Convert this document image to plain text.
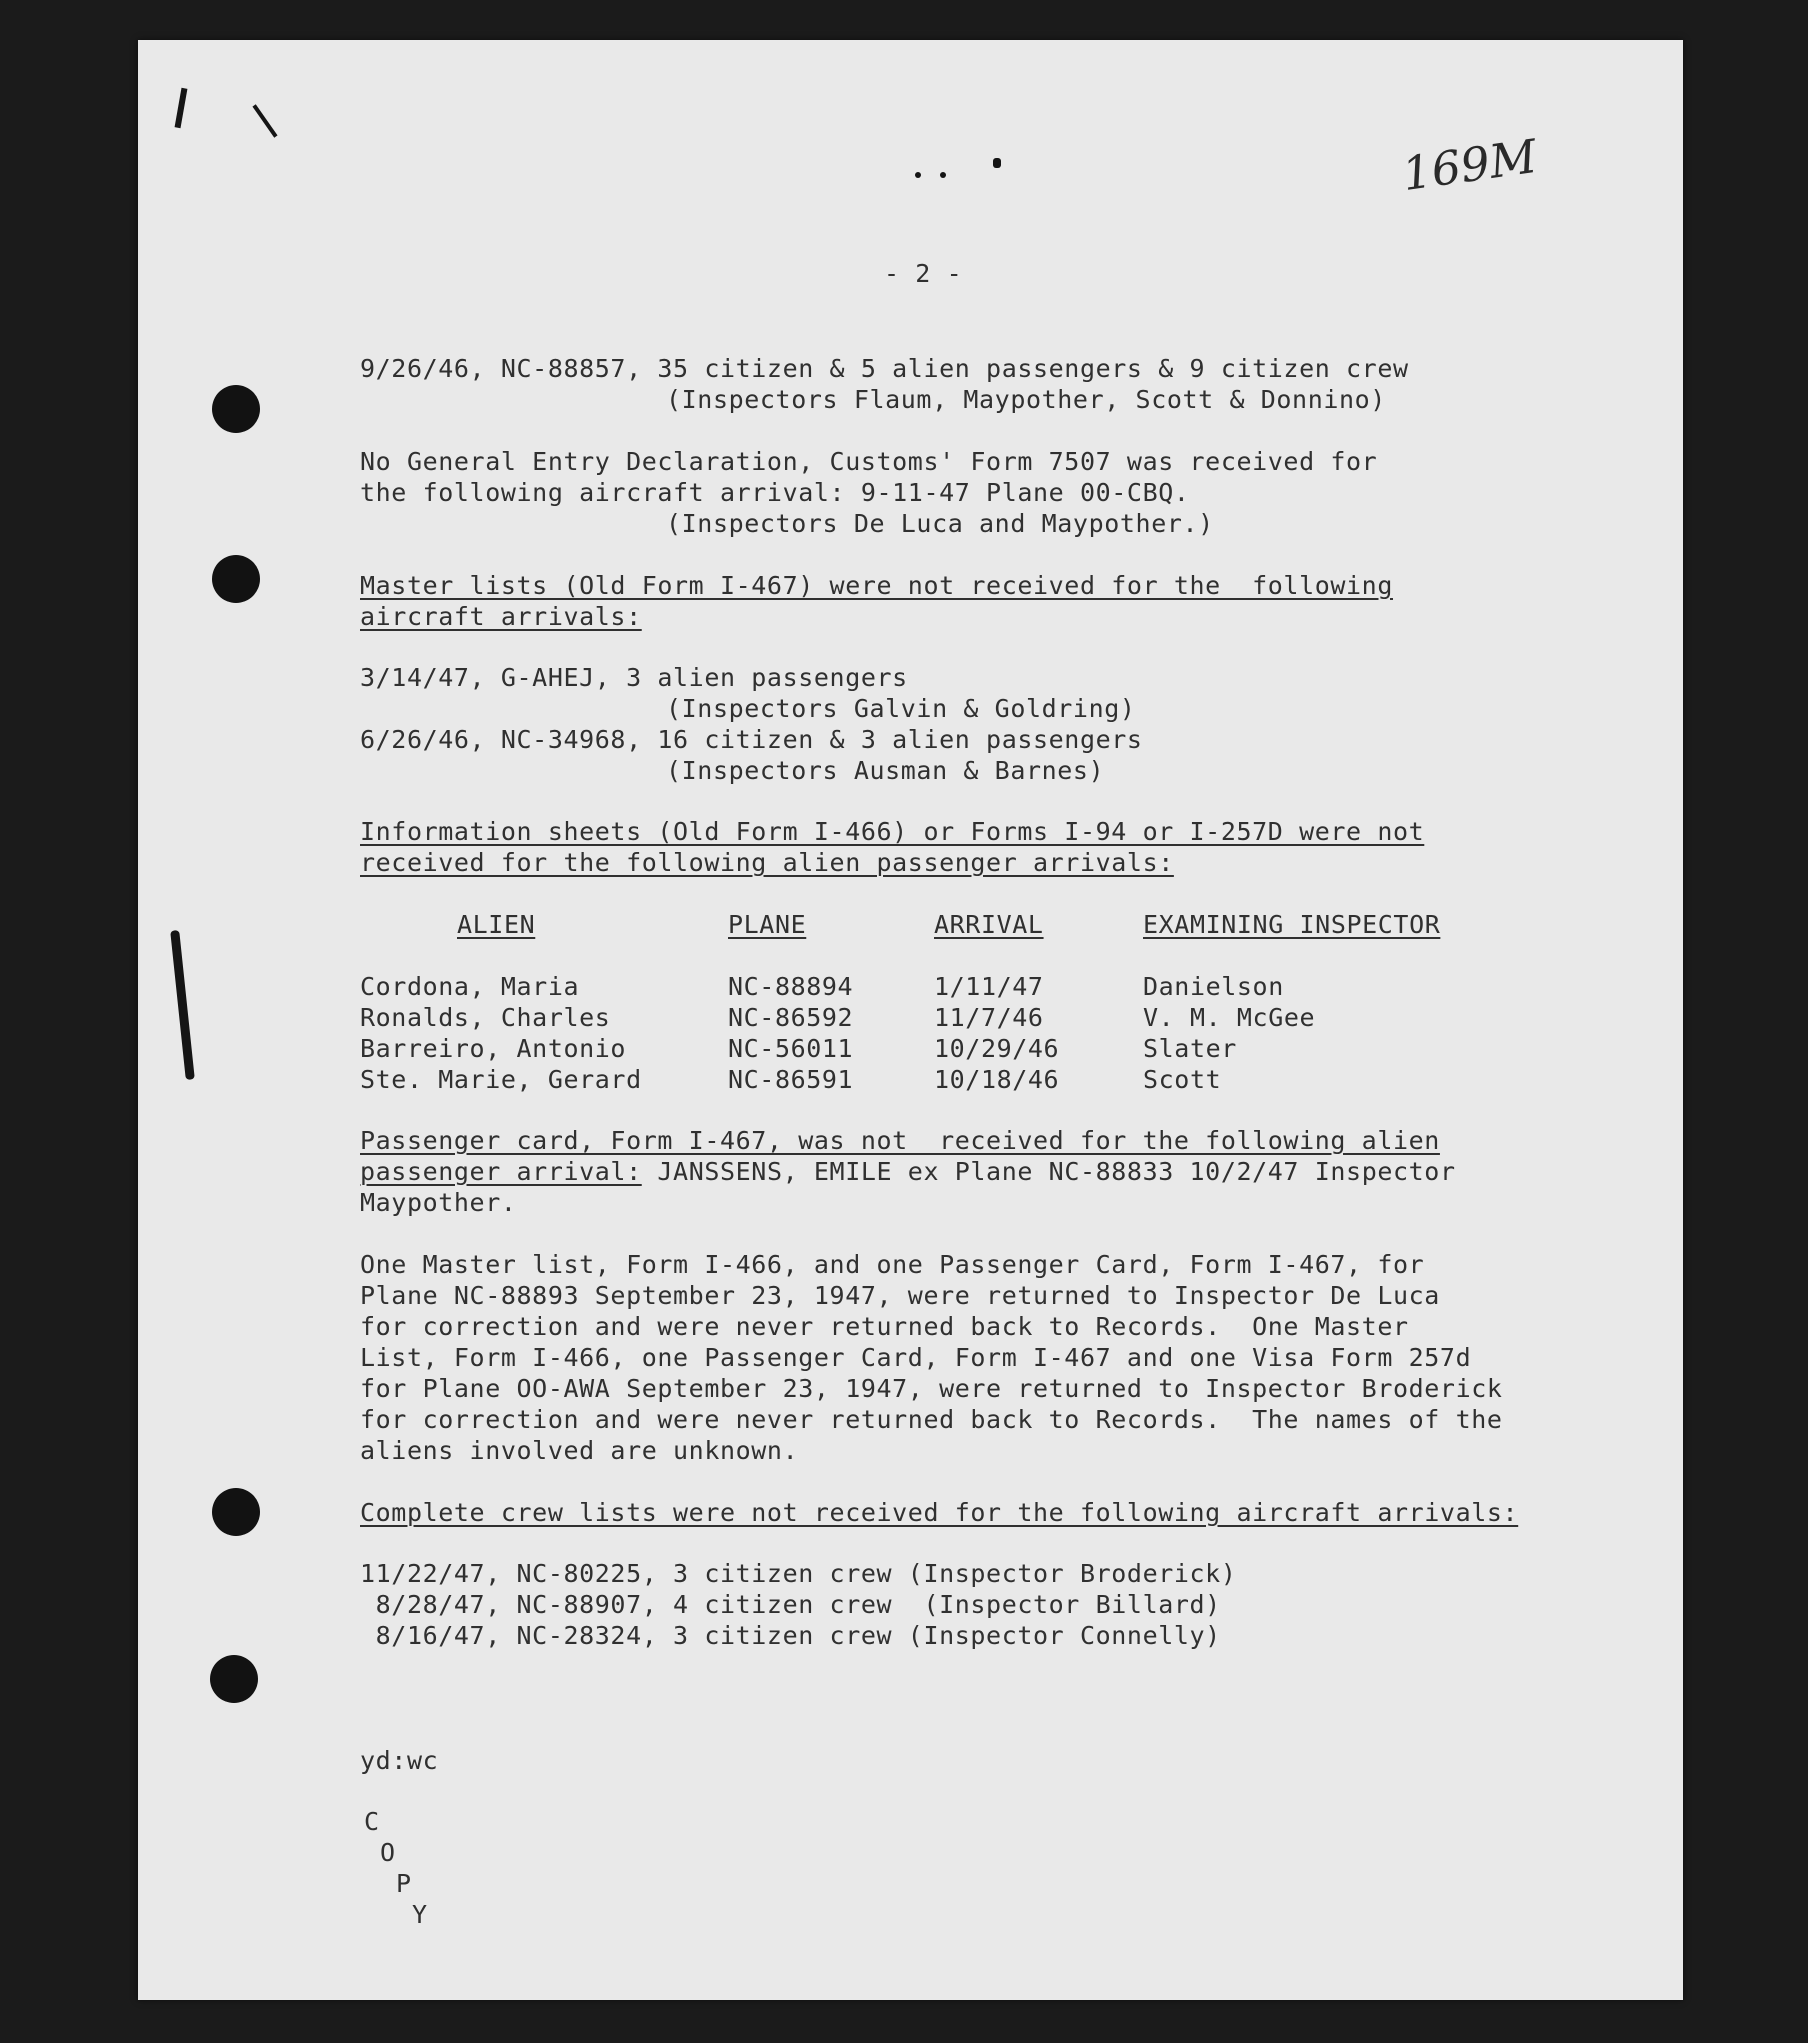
169M
- 2 -
9/26/46, NC-88857, 35 citizen & 5 alien passengers & 9 citizen crew
(Inspectors Flaum, Maypother, Scott & Donnino)
No General Entry Declaration, Customs' Form 7507 was received for
the following aircraft arrival: 9-11-47 Plane 00-CBQ.
(Inspectors De Luca and Maypother.)
Master lists (Old Form I-467) were not received for the  following
aircraft arrivals:
3/14/47, G-AHEJ, 3 alien passengers
(Inspectors Galvin & Goldring)
6/26/46, NC-34968, 16 citizen & 3 alien passengers
(Inspectors Ausman & Barnes)
Information sheets (Old Form I-466) or Forms I-94 or I-257D were not
received for the following alien passenger arrivals:
ALIEN	PLANE	ARRIVAL	EXAMINING INSPECTOR
Cordona, Maria	NC-88894	1/11/47	Danielson
Ronalds, Charles	NC-86592	11/7/46	V. M. McGee
Barreiro, Antonio	NC-56011	10/29/46	Slater
Ste. Marie, Gerard	NC-86591	10/18/46	Scott
Passenger card, Form I-467, was not  received for the following alien
passenger arrival: JANSSENS, EMILE ex Plane NC-88833 10/2/47 Inspector
Maypother.
One Master list, Form I-466, and one Passenger Card, Form I-467, for
Plane NC-88893 September 23, 1947, were returned to Inspector De Luca
for correction and were never returned back to Records.  One Master
List, Form I-466, one Passenger Card, Form I-467 and one Visa Form 257d
for Plane OO-AWA September 23, 1947, were returned to Inspector Broderick
for correction and were never returned back to Records.  The names of the
aliens involved are unknown.
Complete crew lists were not received for the following aircraft arrivals:
11/22/47, NC-80225, 3 citizen crew (Inspector Broderick)
8/28/47, NC-88907, 4 citizen crew  (Inspector Billard)
8/16/47, NC-28324, 3 citizen crew (Inspector Connelly)
yd:wc
C
O
P
Y
